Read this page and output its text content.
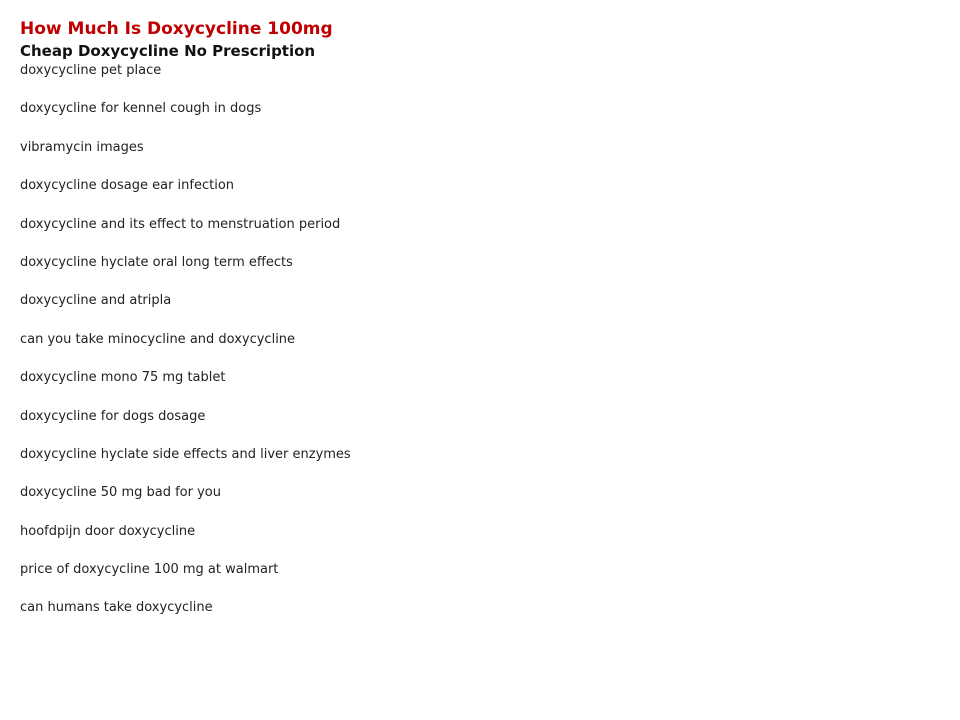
How Much Is Doxycycline 100mg
Cheap Doxycycline No Prescription
doxycycline pet place
doxycycline for kennel cough in dogs
vibramycin images
doxycycline dosage ear infection
doxycycline and its effect to menstruation period
doxycycline hyclate oral long term effects
doxycycline and atripla
can you take minocycline and doxycycline
doxycycline mono 75 mg tablet
doxycycline for dogs dosage
doxycycline hyclate side effects and liver enzymes
doxycycline 50 mg bad for you
hoofdpijn door doxycycline
price of doxycycline 100 mg at walmart
can humans take doxycycline
